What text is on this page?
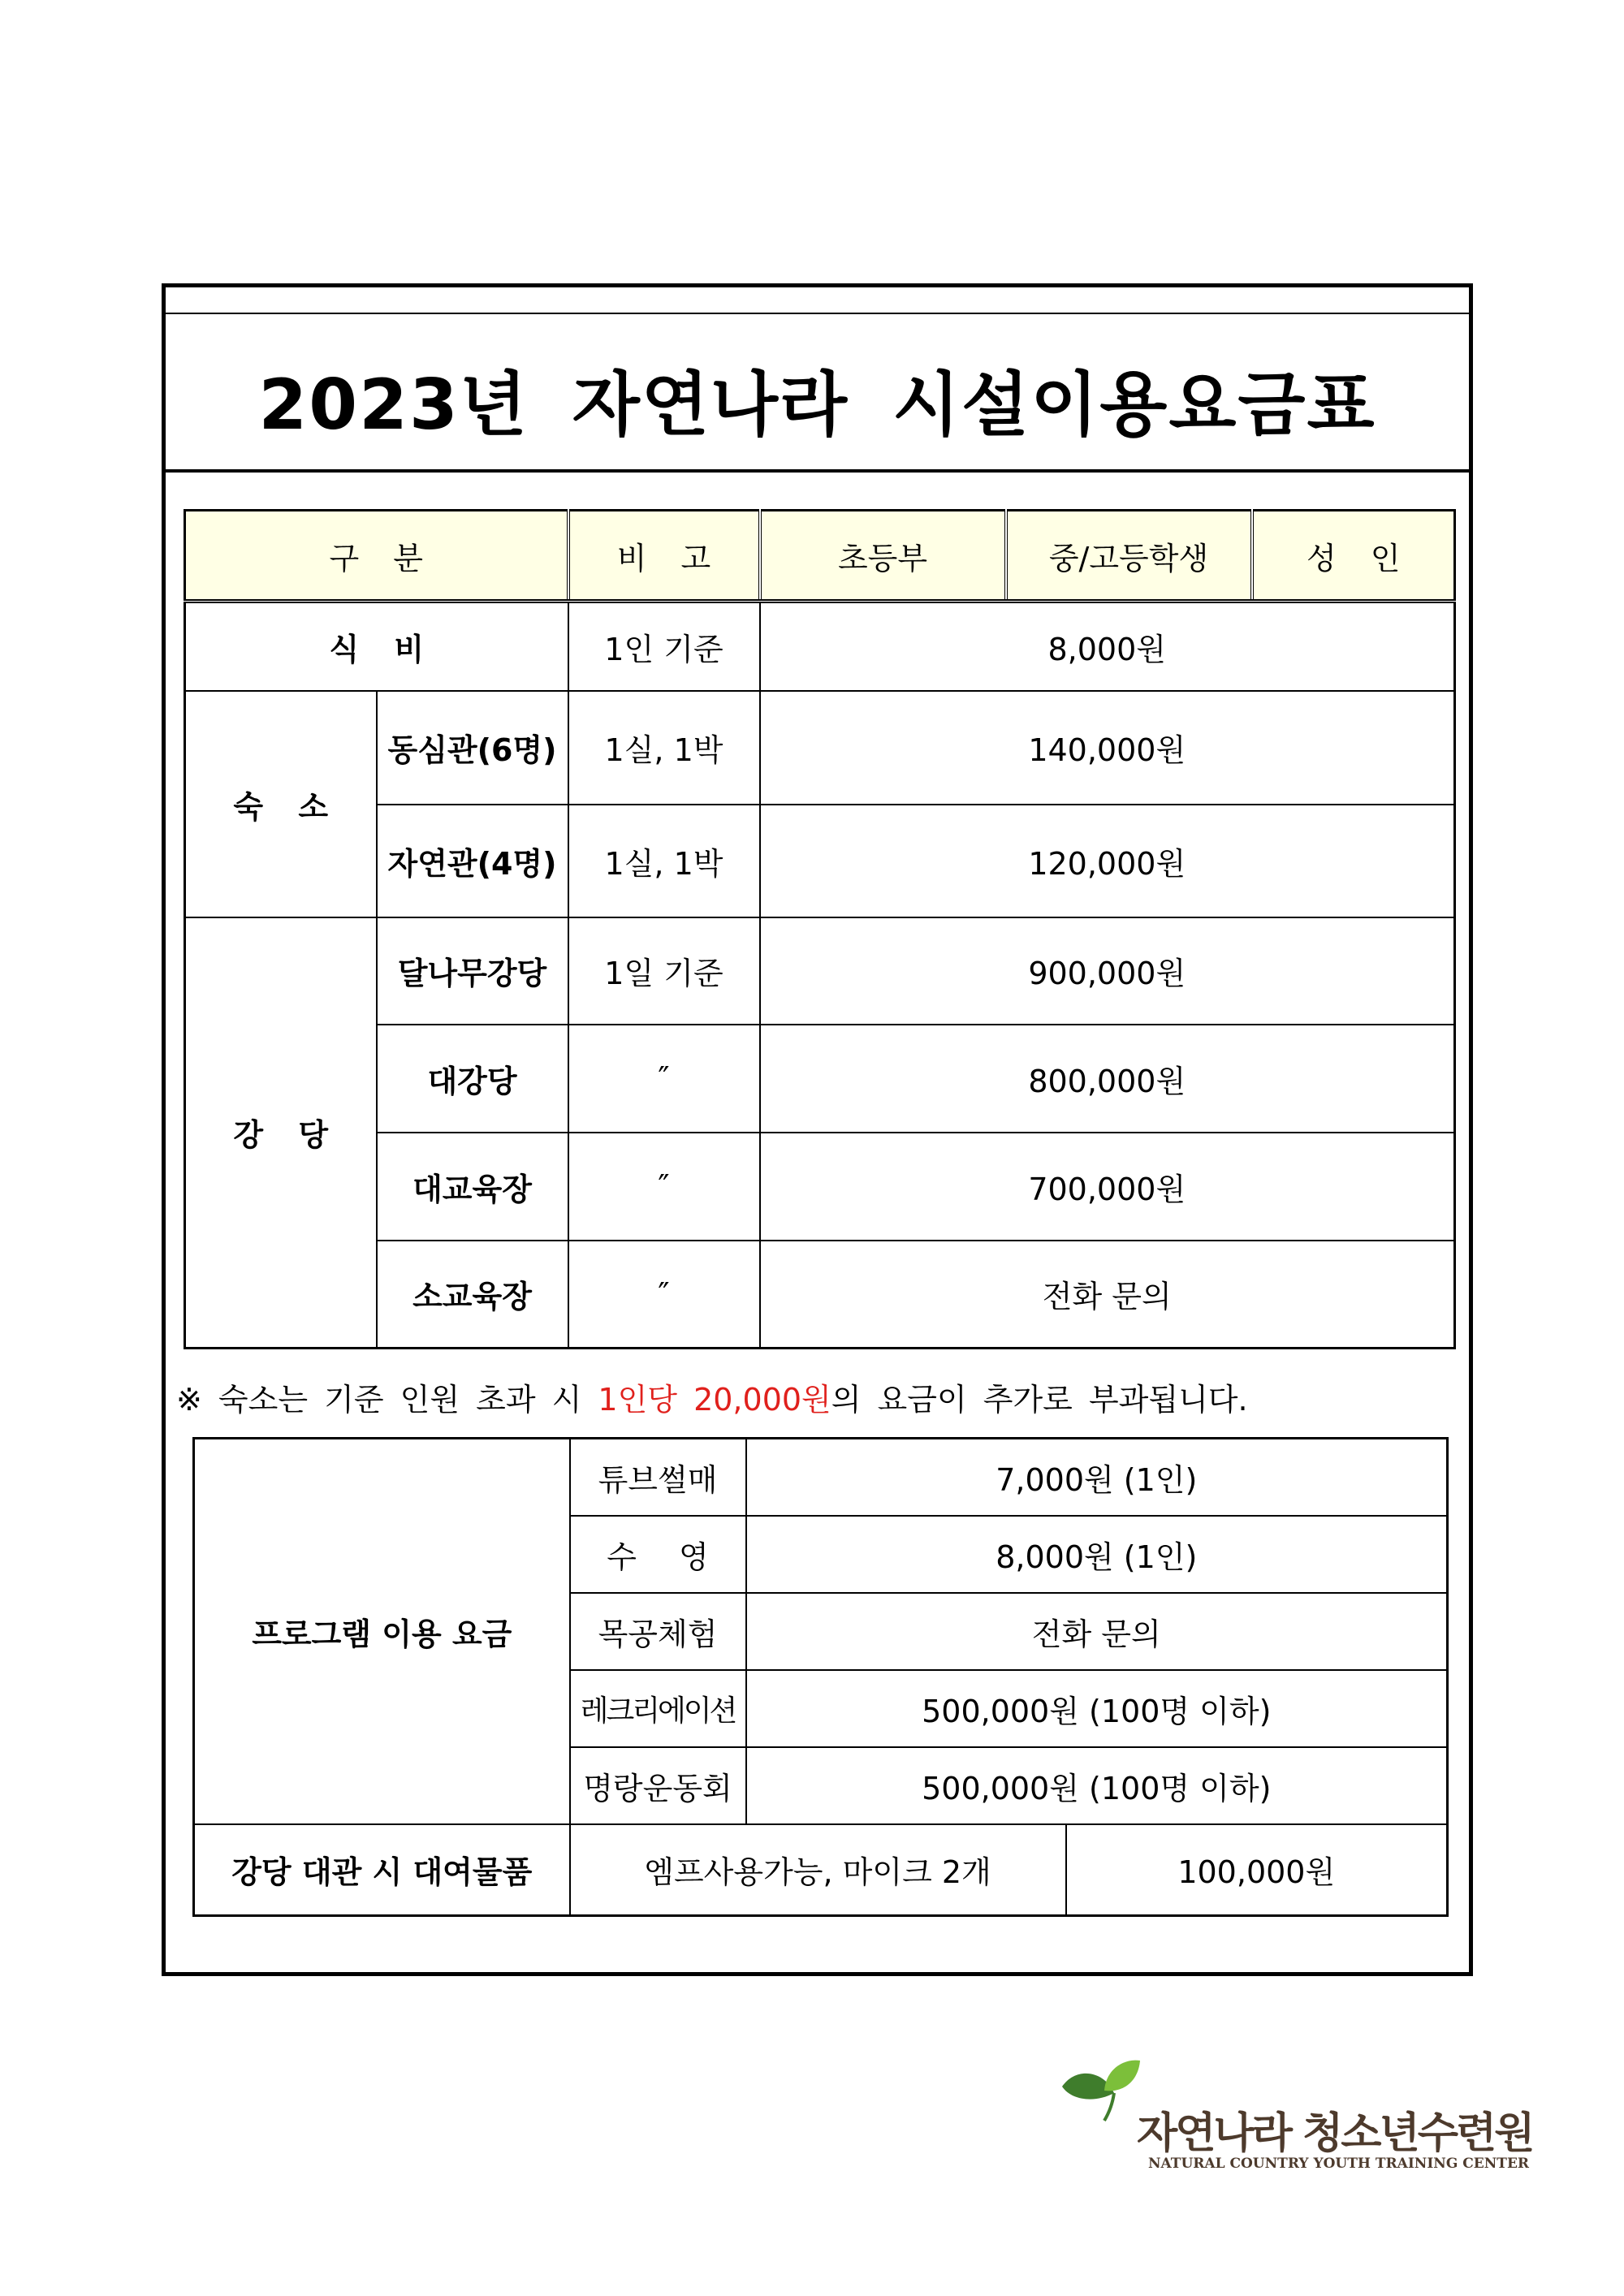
2023년 자연나라 시설이용요금표
구 분		비 고	초등부	중/고등학생	성 인
식 비		1인 기준	8,000원		
숙 소	동심관(6명)	1실, 1박	140,000원		
	자연관(4명)	1실, 1박	120,000원		
강 당	달나무강당	1일 기준	900,000원		
	대강당	″	800,000원		
	대교육장	″	700,000원		
	소교육장	″	전화 문의		
※ 숙소는 기준 인원 초과 시 1인당 20,000원의 요금이 추가로 부과됩니다.
프로그램 이용 요금	튜브썰매	7,000원 (1인)	
	수 영	8,000원 (1인)	
	목공체험	전화 문의	
	레크리에이션	500,000원 (100명 이하)	
	명랑운동회	500,000원 (100명 이하)	
강당 대관 시 대여물품	엠프사용가능, 마이크 2개		100,000원
자연나라 청소년수련원
NATURAL COUNTRY YOUTH TRAINING CENTER
